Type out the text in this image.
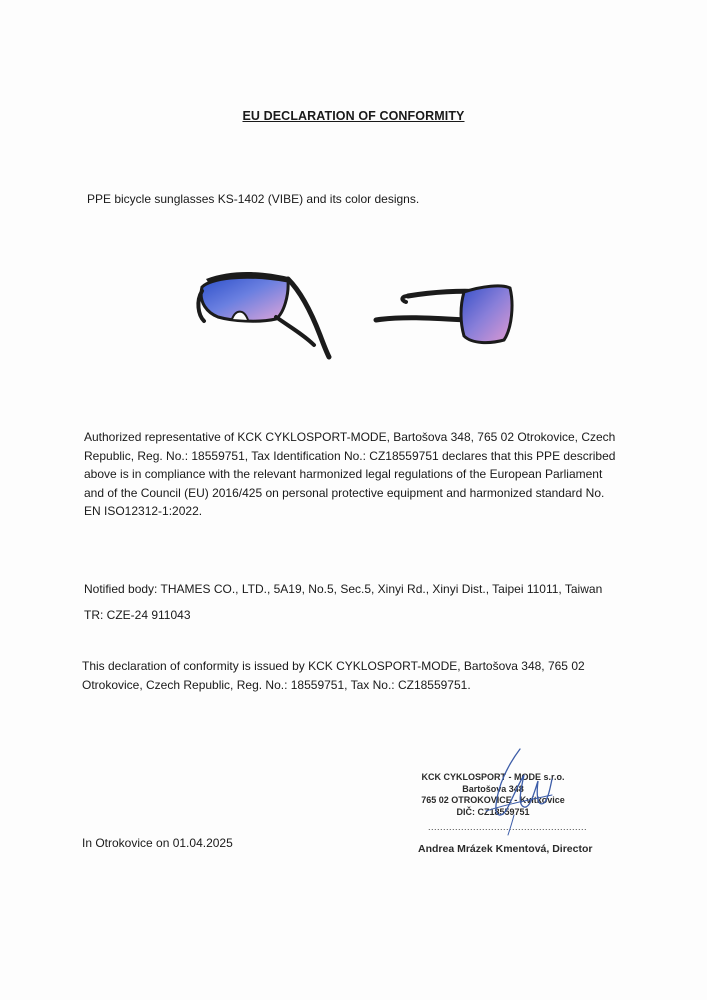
EU DECLARATION OF CONFORMITY
PPE bicycle sunglasses KS-1402 (VIBE) and its color designs.
Authorized representative of KCK CYKLOSPORT-MODE, Bartošova 348, 765 02 Otrokovice, Czech Republic, Reg. No.: 18559751, Tax Identification No.: CZ18559751 declares that this PPE described above is in compliance with the relevant harmonized legal regulations of the European Parliament and of the Council (EU) 2016/425 on personal protective equipment and harmonized standard No. EN ISO12312-1:2022.
Notified body: THAMES CO., LTD., 5A19, No.5, Sec.5, Xinyi Rd., Xinyi Dist., Taipei 11011, Taiwan
TR: CZE-24 911043
This declaration of conformity is issued by KCK CYKLOSPORT-MODE, Bartošova 348, 765 02 Otrokovice, Czech Republic, Reg. No.: 18559751, Tax No.: CZ18559751.
In Otrokovice on 01.04.2025
KCK CYKLOSPORT - MODE s.r.o.
Bartošova 348
765 02 OTROKOVICE - Kvítkovice
DIČ: CZ18559751
.....................................................
Andrea Mrázek Kmentová, Director
